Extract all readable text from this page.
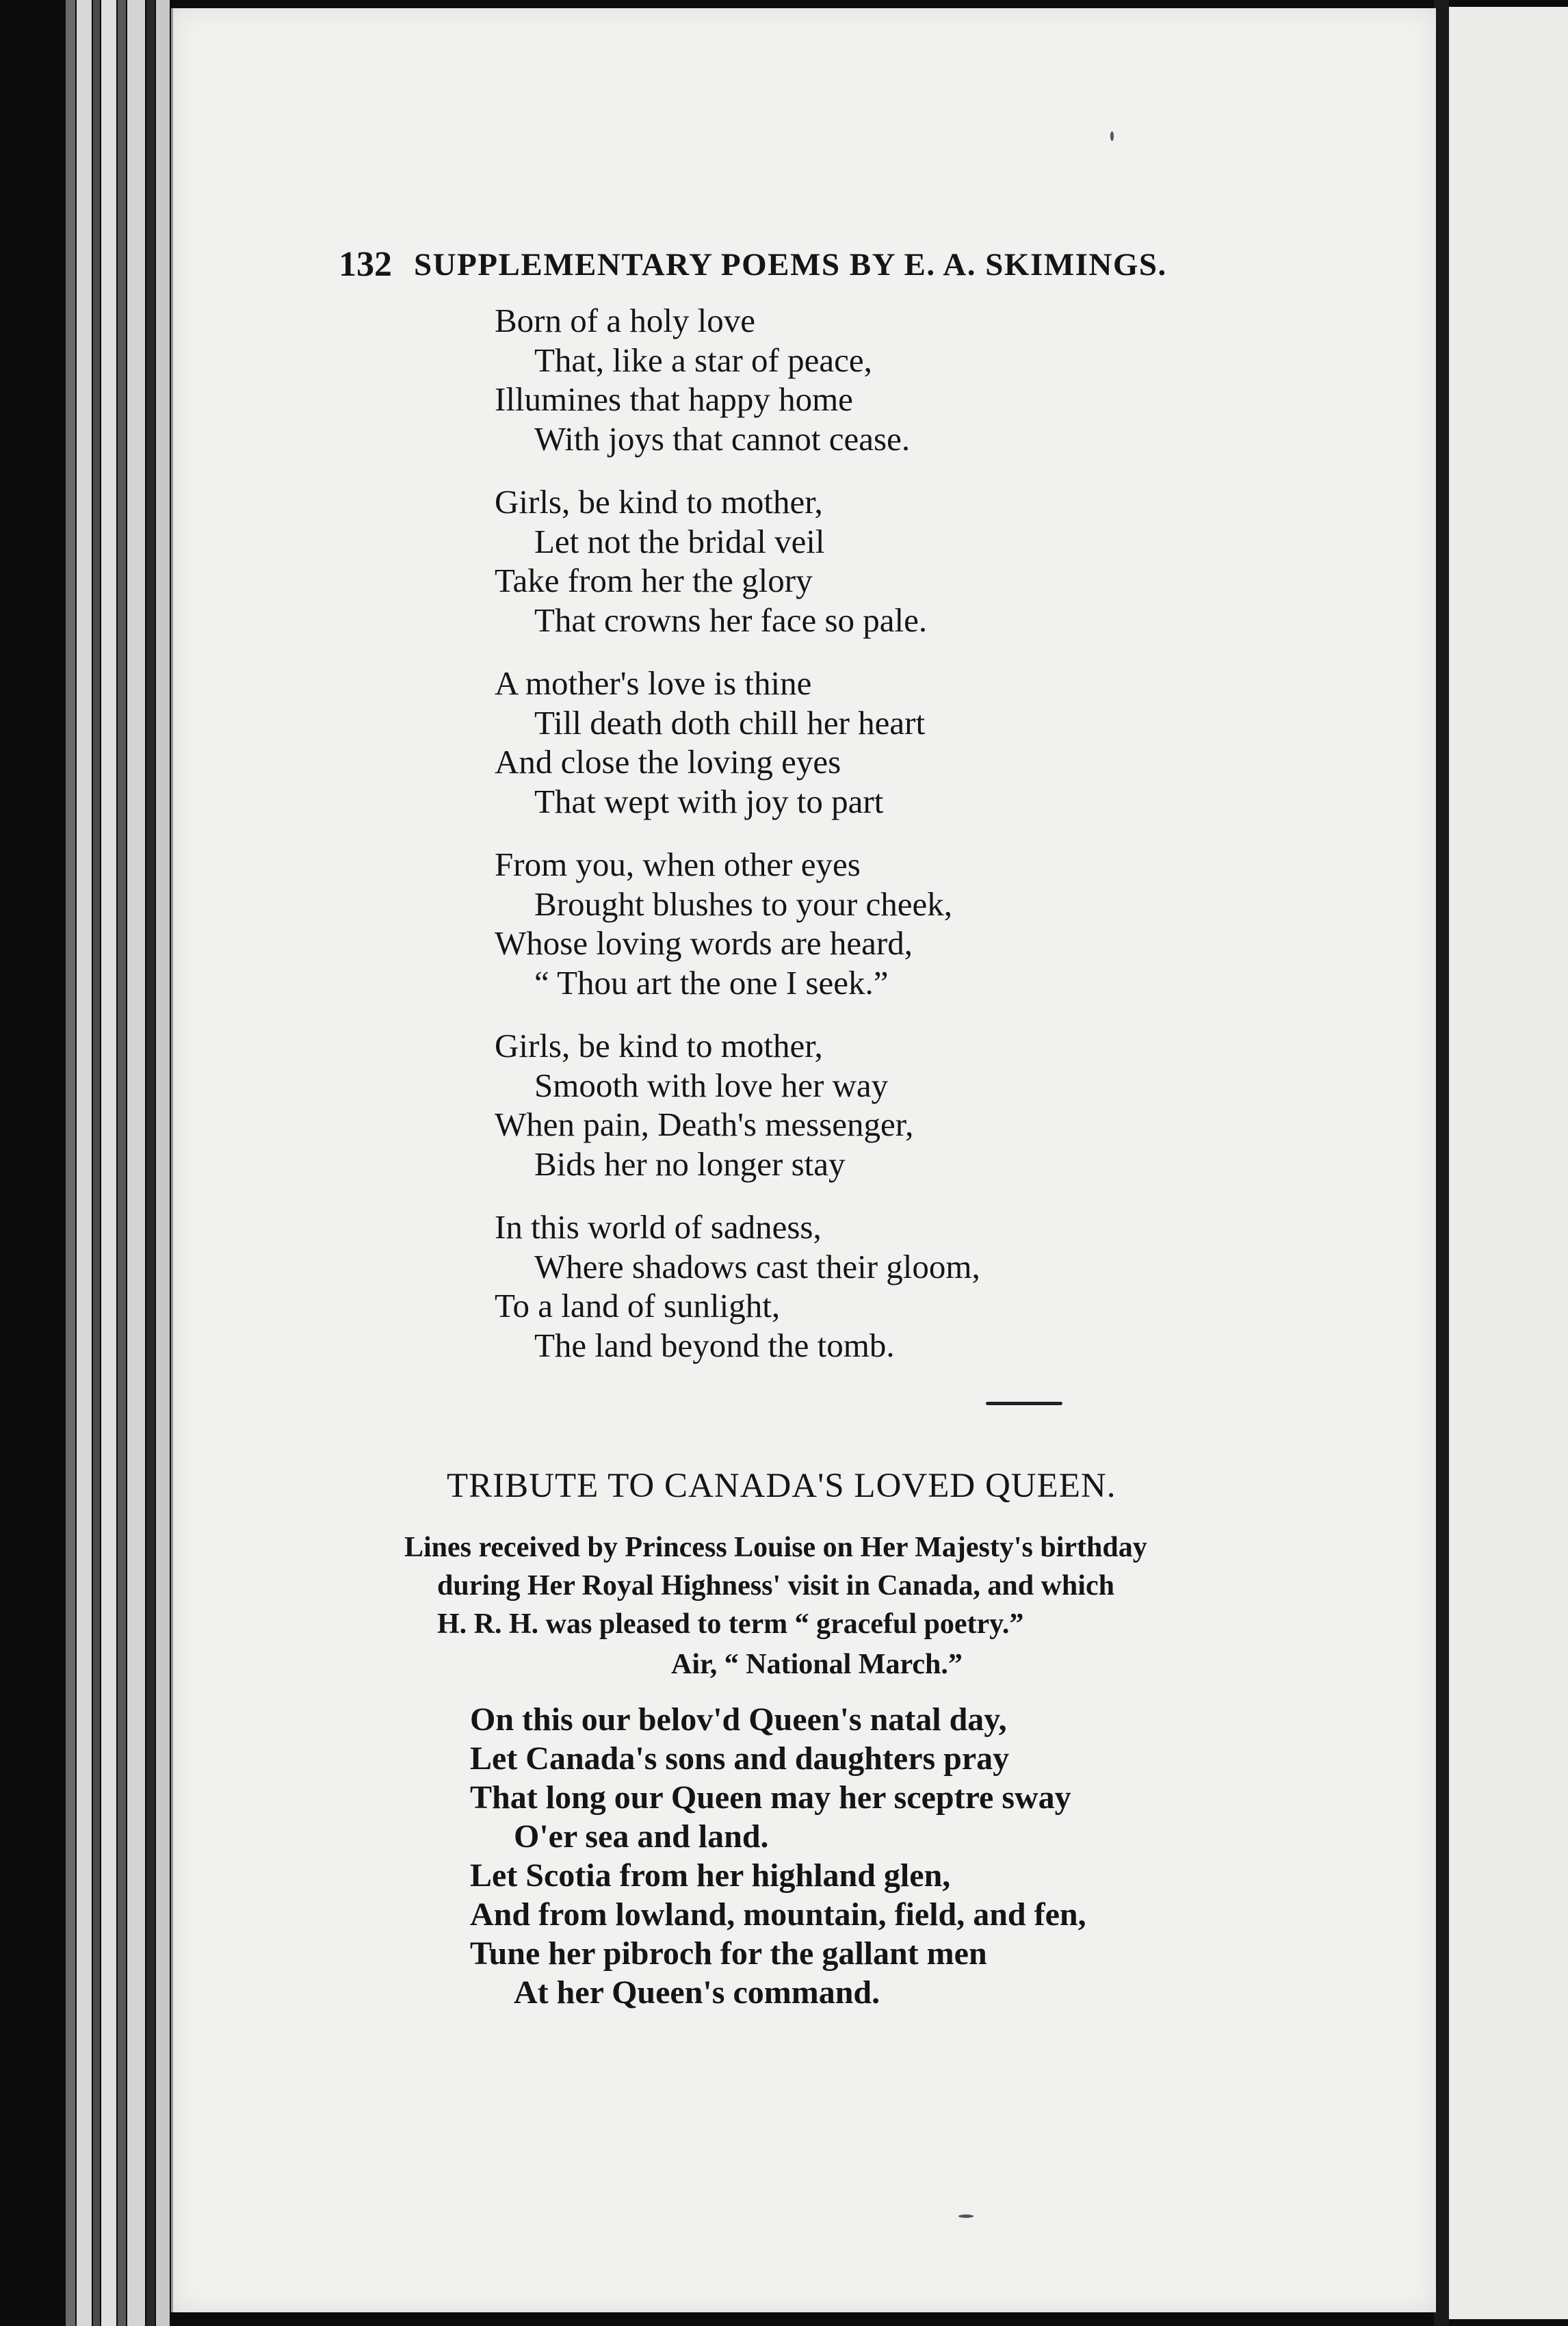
132 SUPPLEMENTARY POEMS BY E. A. SKIMINGS.
Born of a holy love
That, like a star of peace,
Illumines that happy home
With joys that cannot cease.
Girls, be kind to mother,
Let not the bridal veil
Take from her the glory
That crowns her face so pale.
A mother's love is thine
Till death doth chill her heart
And close the loving eyes
That wept with joy to part
From you, when other eyes
Brought blushes to your cheek,
Whose loving words are heard,
“ Thou art the one I seek.”
Girls, be kind to mother,
Smooth with love her way
When pain, Death's messenger,
Bids her no longer stay
In this world of sadness,
Where shadows cast their gloom,
To a land of sunlight,
The land beyond the tomb.
TRIBUTE TO CANADA'S LOVED QUEEN.
Lines received by Princess Louise on Her Majesty's birthday
during Her Royal Highness' visit in Canada, and which
H. R. H. was pleased to term “ graceful poetry.”
Air, “ National March.”
On this our belov'd Queen's natal day,
Let Canada's sons and daughters pray
That long our Queen may her sceptre sway
O'er sea and land.
Let Scotia from her highland glen,
And from lowland, mountain, field, and fen,
Tune her pibroch for the gallant men
At her Queen's command.
